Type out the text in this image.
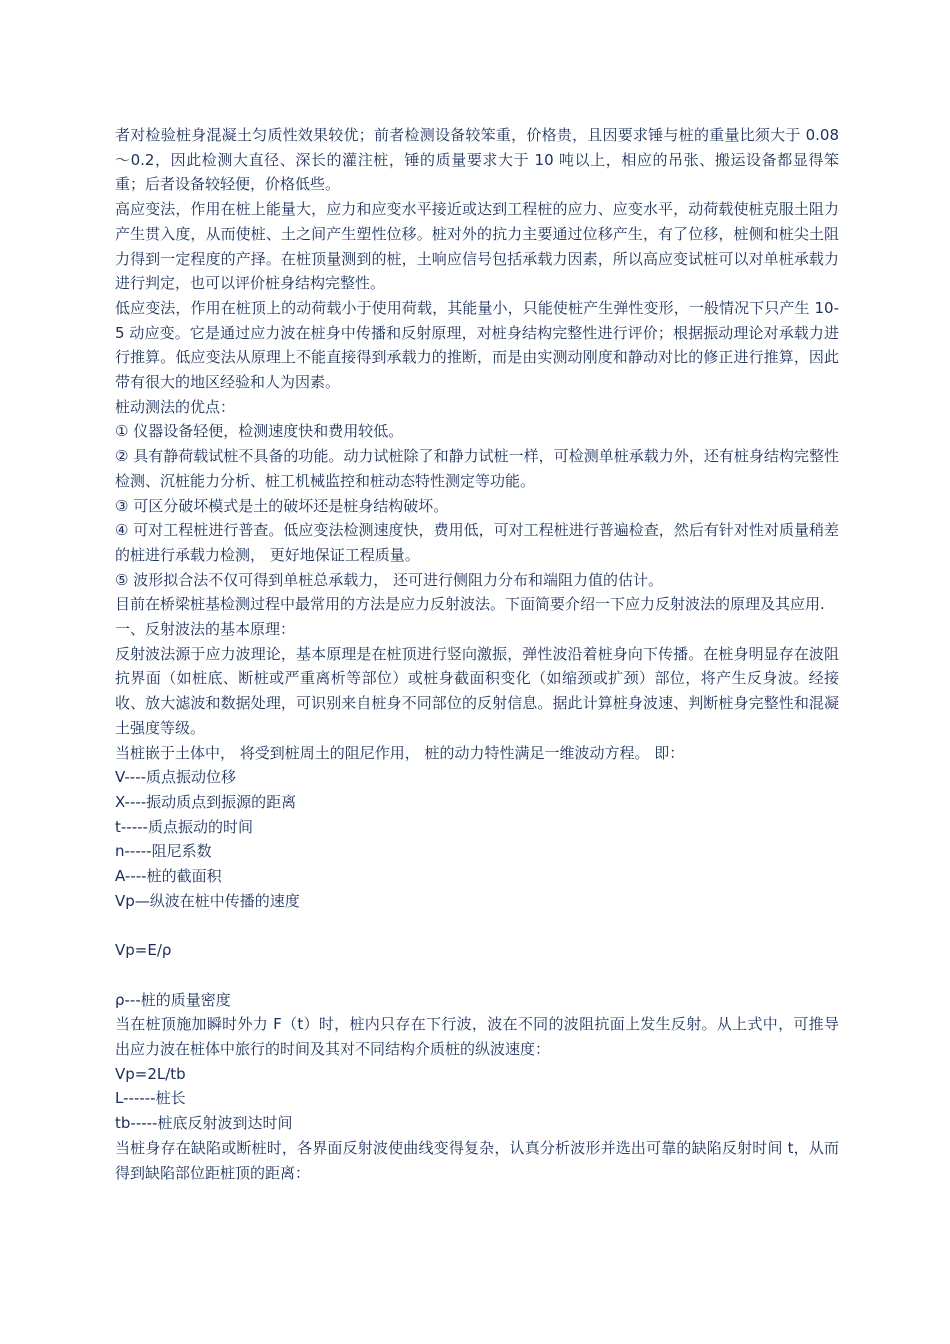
者对检验桩身混凝土匀质性效果较优；前者检测设备较笨重，价格贵，且因要求锤与桩的重量比须大于 0.08～0.2，因此检测大直径、深长的灌注桩，锤的质量要求大于 10 吨以上，相应的吊张、搬运设备都显得笨重；后者设备较轻便，价格低些。

高应变法，作用在桩上能量大，应力和应变水平接近或达到工程桩的应力、应变水平，动荷载使桩克服土阻力产生贯入度，从而使桩、土之间产生塑性位移。桩对外的抗力主要通过位移产生，有了位移，桩侧和桩尖土阻力得到一定程度的产择。在桩顶量测到的桩，土响应信号包括承载力因素，所以高应变试桩可以对单桩承载力进行判定，也可以评价桩身结构完整性。

低应变法，作用在桩顶上的动荷载小于使用荷载，其能量小，只能使桩产生弹性变形，一般情况下只产生 10-5 动应变。它是通过应力波在桩身中传播和反射原理，对桩身结构完整性进行评价；根据振动理论对承载力进行推算。低应变法从原理上不能直接得到承载力的推断，而是由实测动刚度和静动对比的修正进行推算，因此带有很大的地区经验和人为因素。

桩动测法的优点：

① 仪器设备轻便，检测速度快和费用较低。

② 具有静荷载试桩不具备的功能。动力试桩除了和静力试桩一样，可检测单桩承载力外，还有桩身结构完整性检测、沉桩能力分析、桩工机械监控和桩动态特性测定等功能。

③ 可区分破坏模式是土的破坏还是桩身结构破坏。

④ 可对工程桩进行普查。低应变法检测速度快，费用低，可对工程桩进行普遍检查，然后有针对性对质量稍差的桩进行承载力检测， 更好地保证工程质量。

⑤ 波形拟合法不仅可得到单桩总承载力， 还可进行侧阻力分布和端阻力值的估计。

目前在桥梁桩基检测过程中最常用的方法是应力反射波法。下面简要介绍一下应力反射波法的原理及其应用.

一、反射波法的基本原理：

反射波法源于应力波理论，基本原理是在桩顶进行竖向激振，弹性波沿着桩身向下传播。在桩身明显存在波阻抗界面（如桩底、断桩或严重离析等部位）或桩身截面积变化（如缩颈或扩颈）部位，将产生反身波。经接收、放大滤波和数据处理，可识别来自桩身不同部位的反射信息。据此计算桩身波速、判断桩身完整性和混凝土强度等级。

当桩嵌于土体中， 将受到桩周土的阻尼作用， 桩的动力特性满足一维波动方程。 即：

V----质点振动位移

X----振动质点到振源的距离

t-----质点振动的时间

n-----阻尼系数

A----桩的截面积

Vp—纵波在桩中传播的速度

Vp=E/ρ

ρ---桩的质量密度

当在桩顶施加瞬时外力 F（t）时，桩内只存在下行波，波在不同的波阻抗面上发生反射。从上式中，可推导出应力波在桩体中旅行的时间及其对不同结构介质桩的纵波速度：

Vp=2L/tb

L------桩长

tb-----桩底反射波到达时间

当桩身存在缺陷或断桩时，各界面反射波使曲线变得复杂，认真分析波形并选出可靠的缺陷反射时间 t，从而得到缺陷部位距桩顶的距离：
